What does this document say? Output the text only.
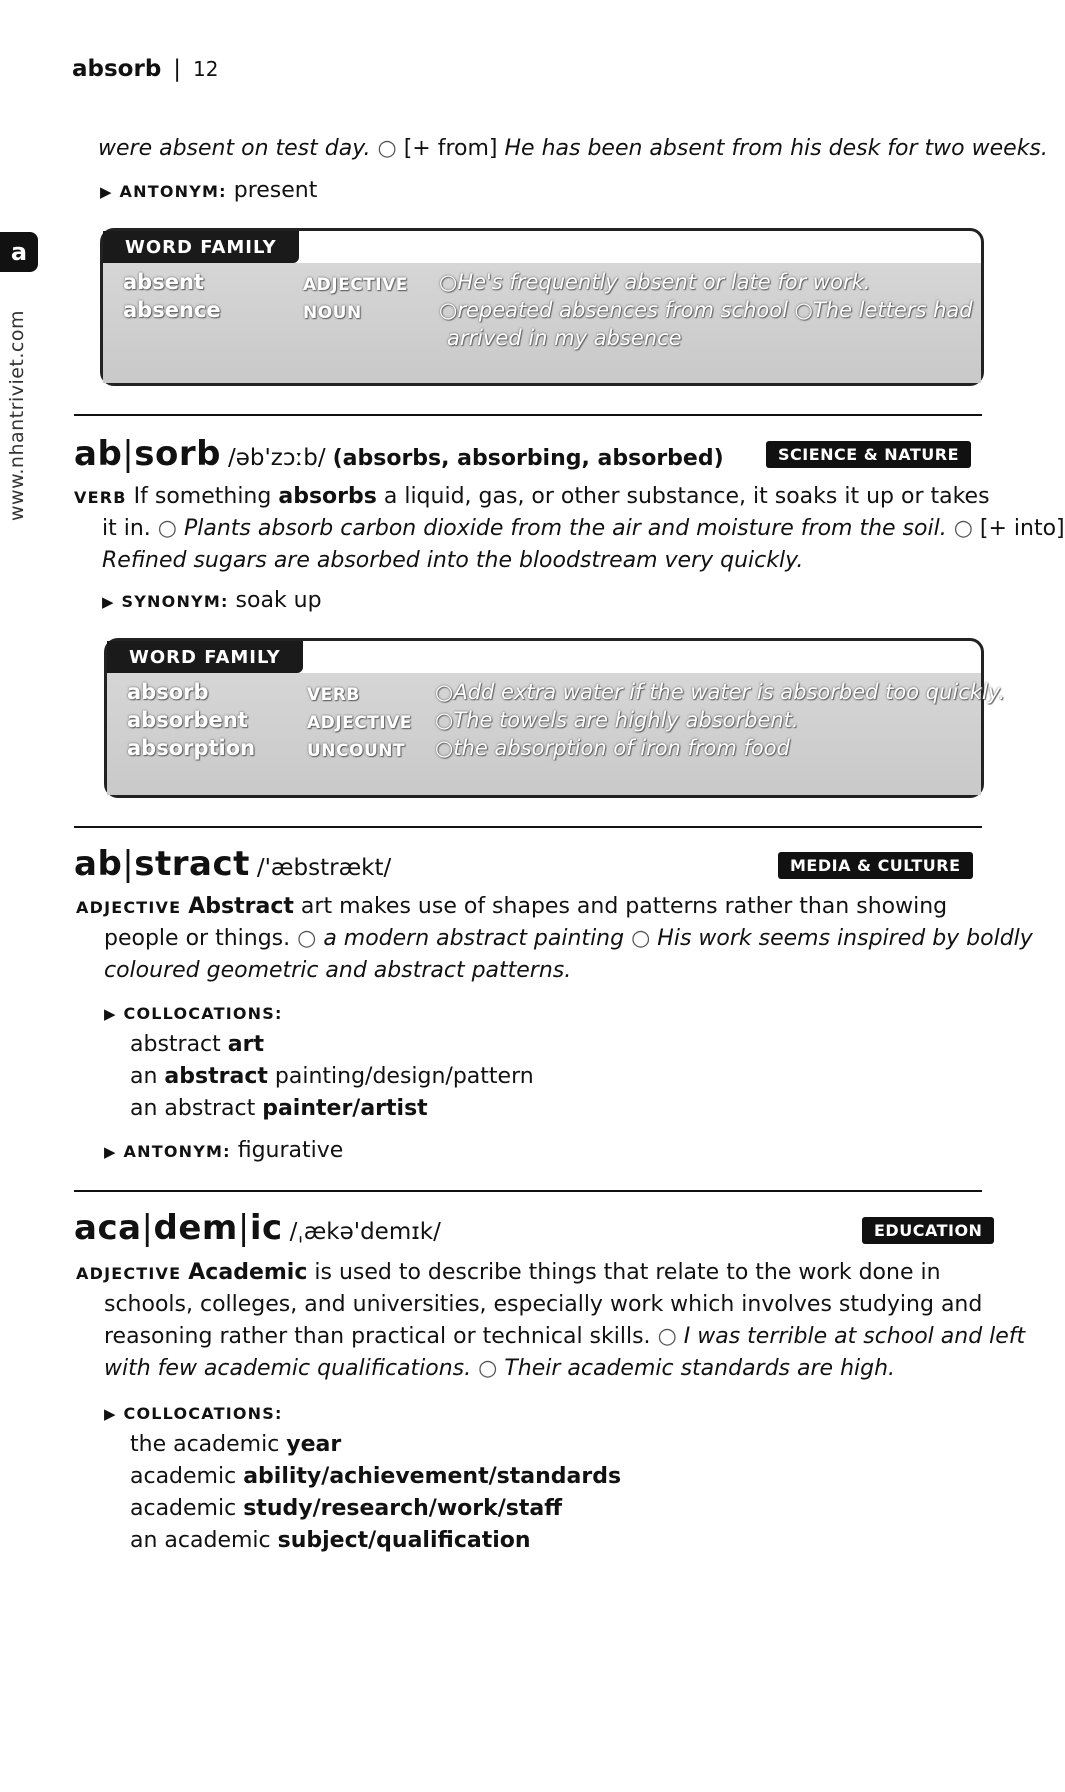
absorb | 12
a
www.nhantriviet.com
were absent on test day. ○ [+ from] He has been absent from his desk for two weeks.
▶ ANTONYM: present
WORD FAMILY
absent	ADJECTIVE ○He's frequently absent or late for work.
absence	NOUN	○repeated absences from school ○The letters had
arrived in my absence
ab|sorb /əb'zɔːb/ (absorbs, absorbing, absorbed)	SCIENCE & NATURE
VERB If something absorbs a liquid, gas, or other substance, it soaks it up or takes
it in. ○ Plants absorb carbon dioxide from the air and moisture from the soil. ○ [+ into]
Refined sugars are absorbed into the bloodstream very quickly.
▶ SYNONYM: soak up
WORD FAMILY
absorb	VERB	○Add extra water if the water is absorbed too quickly.
absorbent	ADJECTIVE ○The towels are highly absorbent.
absorption	UNCOUNT ○the absorption of iron from food
ab|stract /'æbstrækt/	MEDIA & CULTURE
ADJECTIVE Abstract art makes use of shapes and patterns rather than showing
people or things. ○ a modern abstract painting ○ His work seems inspired by boldly
coloured geometric and abstract patterns.
▶ COLLOCATIONS:
abstract art
an abstract painting/design/pattern
an abstract painter/artist
▶ ANTONYM: figurative
aca|dem|ic /ˌækə'demɪk/	EDUCATION
ADJECTIVE Academic is used to describe things that relate to the work done in
schools, colleges, and universities, especially work which involves studying and
reasoning rather than practical or technical skills. ○ I was terrible at school and left
with few academic qualifications. ○ Their academic standards are high.
▶ COLLOCATIONS:
the academic year
academic ability/achievement/standards
academic study/research/work/staff
an academic subject/qualification
